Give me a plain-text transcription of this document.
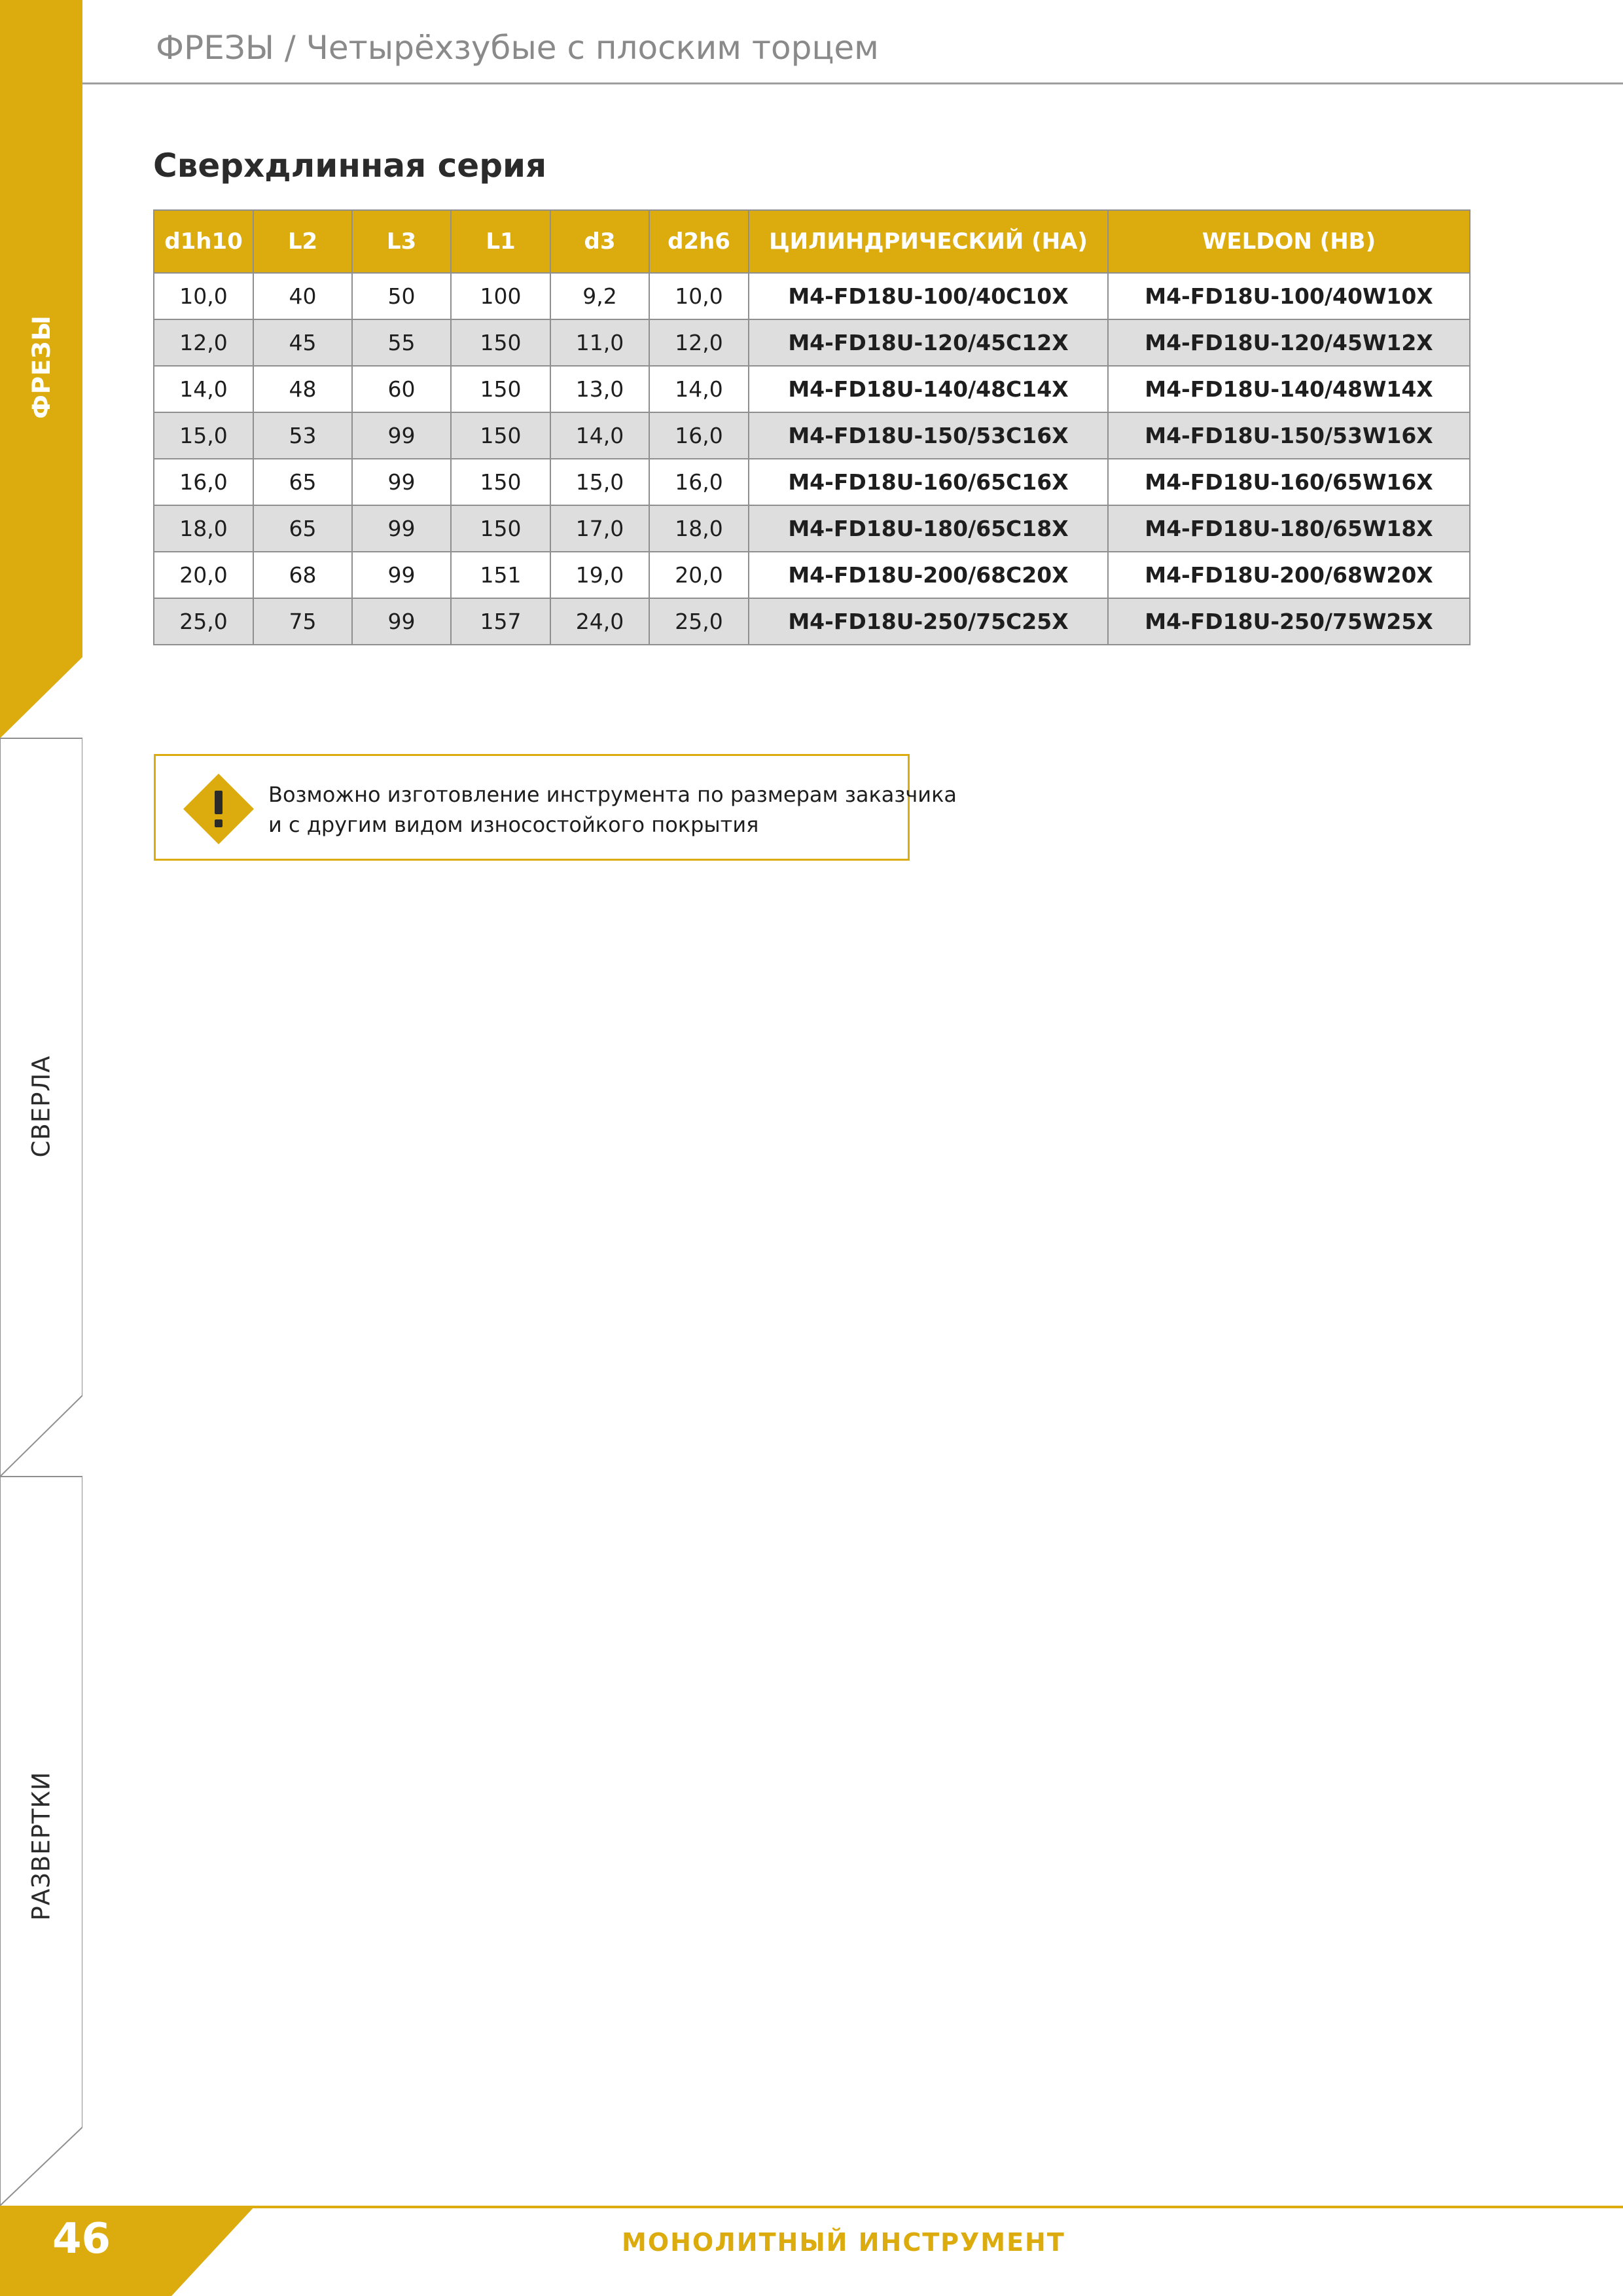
ФРЕЗЫ
СВЕРЛА
РАЗВЕРТКИ
ФРЕЗЫ / Четырёхзубые с плоским торцем
Сверхдлинная серия
d1h10	L2	L3	L1	d3	d2h6	ЦИЛИНДРИЧЕСКИЙ (HA)	WELDON (HB)
10,0	40	50	100	9,2	10,0	M4-FD18U-100/40C10X	M4-FD18U-100/40W10X
12,0	45	55	150	11,0	12,0	M4-FD18U-120/45C12X	M4-FD18U-120/45W12X
14,0	48	60	150	13,0	14,0	M4-FD18U-140/48C14X	M4-FD18U-140/48W14X
15,0	53	99	150	14,0	16,0	M4-FD18U-150/53C16X	M4-FD18U-150/53W16X
16,0	65	99	150	15,0	16,0	M4-FD18U-160/65C16X	M4-FD18U-160/65W16X
18,0	65	99	150	17,0	18,0	M4-FD18U-180/65C18X	M4-FD18U-180/65W18X
20,0	68	99	151	19,0	20,0	M4-FD18U-200/68C20X	M4-FD18U-200/68W20X
25,0	75	99	157	24,0	25,0	M4-FD18U-250/75C25X	M4-FD18U-250/75W25X
Возможно изготовление инструмента по размерам заказчика
и с другим видом износостойкого покрытия
46	МОНОЛИТНЫЙ ИНСТРУМЕНТ
